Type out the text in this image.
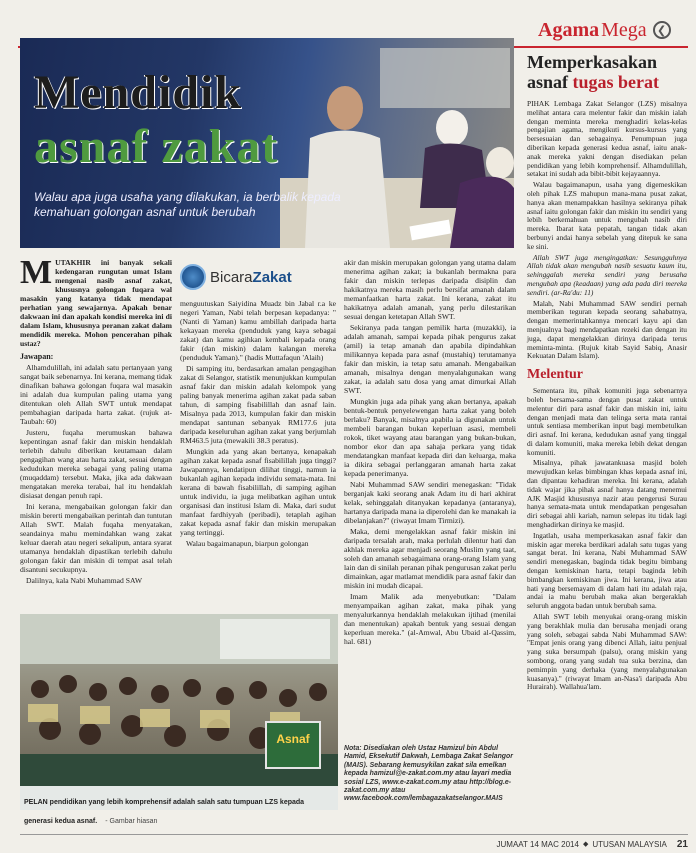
Agama Mega ❮
Mendidik
asnaf zakat
Walau apa juga usaha yang dilakukan, ia berbalik kepada kemahuan golongan asnaf untuk berubah
Memperkasakan
asnaf tugas berat

PIHAK Lembaga Zakat Selangor (LZS) misalnya melihat antara cara melentur fakir dan miskin ialah dengan meminta mereka menghadiri kelas-kelas pengajian agama, mengikuti kursus-kursus yang bersesuaian dan sebagainya. Penumpuan juga diberikan kepada generasi kedua asnaf, iaitu anak-anak mereka yakni dengan disediakan pelan pendidikan yang lebih komprehensif. Alhamdulillah, setakat ini sudah ada bibit-bibit kejayaannya.

Walau bagaimanapun, usaha yang digemeskikan oleh pihak LZS mahupun mana-mana pusat zakat, hanya akan menampakkan hasilnya sekiranya pihak asnaf iaitu golongan fakir dan miskin itu sendiri yang lebih berkemahuan untuk mengubah nasib diri mereka. Ibarat kata pepatah, tangan tidak akan berbunyi andai hanya sebelah yang ditepuk ke sana ke sini.

Allah SWT juga mengingatkan: Sesungguhnya Allah tidak akan mengubah nasib sesuatu kaum itu, sehinggalah mereka sendiri yang berusaha mengubah apa (keadaan) yang ada pada diri mereka sendiri. (ar-Ra'du: 11)

Malah, Nabi Muhammad SAW sendiri pernah memberikan teguran kepada seorang sahabatnya, dengan memerintahkannya mencari kayu api dan menjualnya bagi mendapatkan rezeki dan dengan itu juga, dapat mengelakkan dirinya daripada terus meminta-minta. (Rujuk kitab Sayid Sabiq, Anasir Kekuatan Dalam Islam).

Melentur

Sementara itu, pihak komuniti juga sebenarnya boleh bersama-sama dengan pusat zakat untuk melentur diri para asnaf fakir dan miskin ini, iaitu dengan menjadi mata dan telinga serta mata rantai untuk sentiasa memberikan input bagi membetulkan diri asnaf. Ini kerana, kedudukan asnaf yang tinggal di dalam komuniti, maka mereka lebih dekat dengan komuniti.

Misalnya, pihak jawatankuasa masjid boleh mewujudkan kelas bimbingan khas kepada asnaf ini, dan dipantau kehadiran mereka. Ini kerana, adalah tidak wajar jika pihak asnaf hanya datang menemui AJK Masjid khususnya nazir atau pengerusi Surau hanya semata-mata untuk mendapatkan pengesahan diri sebagai ahli kariah, namun selepas itu tidak lagi menghadirkan dirinya ke masjid.

Ingatlah, usaha memperkasakan asnaf fakir dan miskin agar mereka berdikari adalah satu tugas yang sangat berat. Ini kerana, Nabi Muhammad SAW sendiri menegaskan, baginda tidak begitu bimbang dengan kemiskinan harta, tetapi baginda lebih bimbangkan kemiskinan jiwa. Ini kerana, jiwa atau hati yang bersemayam di dalam hati itu adalah raja, andai ia mahu berubah maka akan bergeraklah seluruh anggota badan untuk berubah sama.

Allah SWT lebih menyukai orang-orang miskin yang berakhlak mulia dan berusaha menjadi orang yang soleh, sebagai sabda Nabi Muhammad SAW: "Empat jenis orang yang dibenci Allah, iaitu penjual yang suka bersumpah (palsu), orang miskin yang sombong, orang yang sudah tua suka berzina, dan pemimpin yang derhaka (yang menyalahgunakan kuasanya)." (riwayat Imam an-Nasa'i daripada Abu Hurairah). Wallahua'lam.

M UTAKHIR ini banyak sekali kedengaran rungutan umat Islam mengenai nasib asnaf zakat, khususnya golongan fuqara wal masakin yang katanya tidak mendapat perhatian yang sewajarnya. Apakah benar dakwaan ini dan apakah kondisi mereka ini di dalam Islam, khususnya peranan zakat dalam mendidik mereka. Mohon pencerahan pihak ustaz?
Jawapan:

Alhamdulillah, ini adalah satu pertanyaan yang sangat baik sebenarnya. Ini kerana, memang tidak dinafikan bahawa golongan fuqara wal masakin ini adalah dua kumpulan paling utama yang ditentukan oleh Allah SWT untuk mendapat pembahagian daripada harta zakat. (rujuk at-Taubah: 60)

Justeru, fuqaha merumuskan bahawa kepentingan asnaf fakir dan miskin hendaklah terlebih dahulu diberikan keutamaan dalam pengagihan wang atau harta zakat, sesuai dengan kedudukan mereka sebagai yang paling utama (muqaddam) tersebut. Maka, jika ada dakwaan mengatakan mereka terabai, hal itu hendaklah disiasat dengan penuh rapi.

Ini kerana, mengabaikan golongan fakir dan miskin bererti mengabaikan perintah dan tuntutan Allah SWT. Malah fuqaha menyatakan, seandainya mahu memindahkan wang zakat keluar daerah atau negeri sekalipun, antara syarat utamanya hendaklah dipastikan terlebih dahulu golongan fakir dan miskin di tempat asal telah disantuni secukupnya.

Dalilnya, kala Nabi Muhammad SAW

Bicara Zakat

menguutuskan Saiyidina Muadz bin Jabal r.a ke negeri Yaman, Nabi telah berpesan kepadanya: "(Nanti di Yaman) kamu ambillah daripada harta kekayaan mereka (penduduk yang kaya sebagai zakat) dan kamu agihkan kembali kepada orang fakir (dan miskin) dalam kalangan mereka (penduduk Yaman)." (hadis Muttafaqun 'Alaih)

Di samping itu, berdasarkan amalan pengagihan zakat di Selangor, statistik menunjukkan kumpulan asnaf fakir dan miskin adalah kelompok yang paling banyak menerima agihan zakat pada saban tahun, di samping fisabilillah dan asnaf lain. Misalnya pada 2013, kumpulan fakir dan miskin mendapat santunan sebanyak RM177.6 juta daripada keseluruhan agihan zakat yang berjumlah RM463.5 juta (mewakili 38.3 peratus).

Mungkin ada yang akan bertanya, kenapakah agihan zakat kepada asnaf fisabilillah juga tinggi? Jawapannya, kendatipun dilihat tinggi, namun ia bukanlah agihan kepada individu semata-mata. Ini kerana di bawah fisabilillah, di samping agihan untuk individu, ia juga melibatkan agihan untuk organisasi dan institusi Islam di. Maka, dari sudut manfaat fardhiyyah (peribadi), tetaplah agihan zakat kepada asnaf fakir dan miskin merupakan yang tertinggi.

Walau bagaimanapun, biarpun golongan

akir dan miskin merupakan golongan yang utama dalam menerima agihan zakat; ia bukanlah bermakna para fakir dan miskin terlepas daripada disiplin dan hakikatnya mereka masih perlu bersifat amanah dalam memanfaatkan harta zakat. Ini kerana, zakat itu hakikatnya adalah amanah, yang perlu dilestarikan sesuai dengan ketetapan Allah SWT.

Sekiranya pada tangan pemilik harta (muzakki), ia adalah amanah, sampai kepada pihak pengurus zakat (amil) ia tetap amanah dan apabila dipindahkan milikannya kepada para asnaf (mustahiq) terutamanya fakir dan miskin, ia tetap satu amanah. Mengabaikan amanah, misalnya dengan menyalahgunakan wang zakat, ia adalah satu dosa yang amat dimurkai Allah SWT.

Mungkin juga ada pihak yang akan bertanya, apakah bentuk-bentuk penyelewengan harta zakat yang boleh berlaku? Banyak, misalnya apabila ia digunakan untuk membeli barangan bukan keperluan asasi, membeli rokok, tiket wayang atau barangan yang bukan-bukan, nombor ekor dan apa sahaja perkara yang tidak mendatangkan manfaat kepada diri dan keluarga, maka ia dikira sebagai perlanggaran amanah harta zakat kepada penerimanya.

Nabi Muhammad SAW sendiri menegaskan: "Tidak berganjak kaki seorang anak Adam itu di hari akhirat kelak, sehinggalah ditanyakan kepadanya (antaranya), hartanya daripada mana ia diperolehi dan ke manakah ia dibelanjakan?" (riwayat Imam Tirmizi).

Maka, demi mengelakkan asnaf fakir miskin ini daripada tersalah arah, maka perlulah dilentur hati dan akhlak mereka agar menjadi seorang Muslim yang taat, soleh dan amanah sebagaimana orang-orang Islam yang lain dan di sinilah peranan pihak pengurusan zakat perlu dimainkan, agar matlamat mendidik para asnaf fakir dan miskin ini mudah dicapai.

Imam Malik ada menyebutkan: "Dalam menyampaikan agihan zakat, maka pihak yang menyalurkannya hendaklah melakukan ijtihad (menilai dan menentukan) apakah bentuk yang sesuai dengan keperluan mereka." (al-Amwal, Abu Ubaid al-Qassim, hal. 681)

Nota: Disediakan oleh Ustaz Hamizul bin Abdul Hamid, Eksekutif Dakwah, Lembaga Zakat Selangor (MAIS). Sebarang kemusykilan zakat sila emelkan kepada hamizul@e-zakat.com.my atau layari media sosial LZS, www.e-zakat.com.my atau http://blog.e-zakat.com.my atau www.facebook.com/lembagazakatselangor.MAIS
Asnaf
PELAN pendidikan yang lebih komprehensif adalah salah satu tumpuan LZS kepada generasi kedua asnaf. - Gambar hiasan
JUMAAT 14 MAC 2014 ◆ UTUSAN MALAYSIA 21
